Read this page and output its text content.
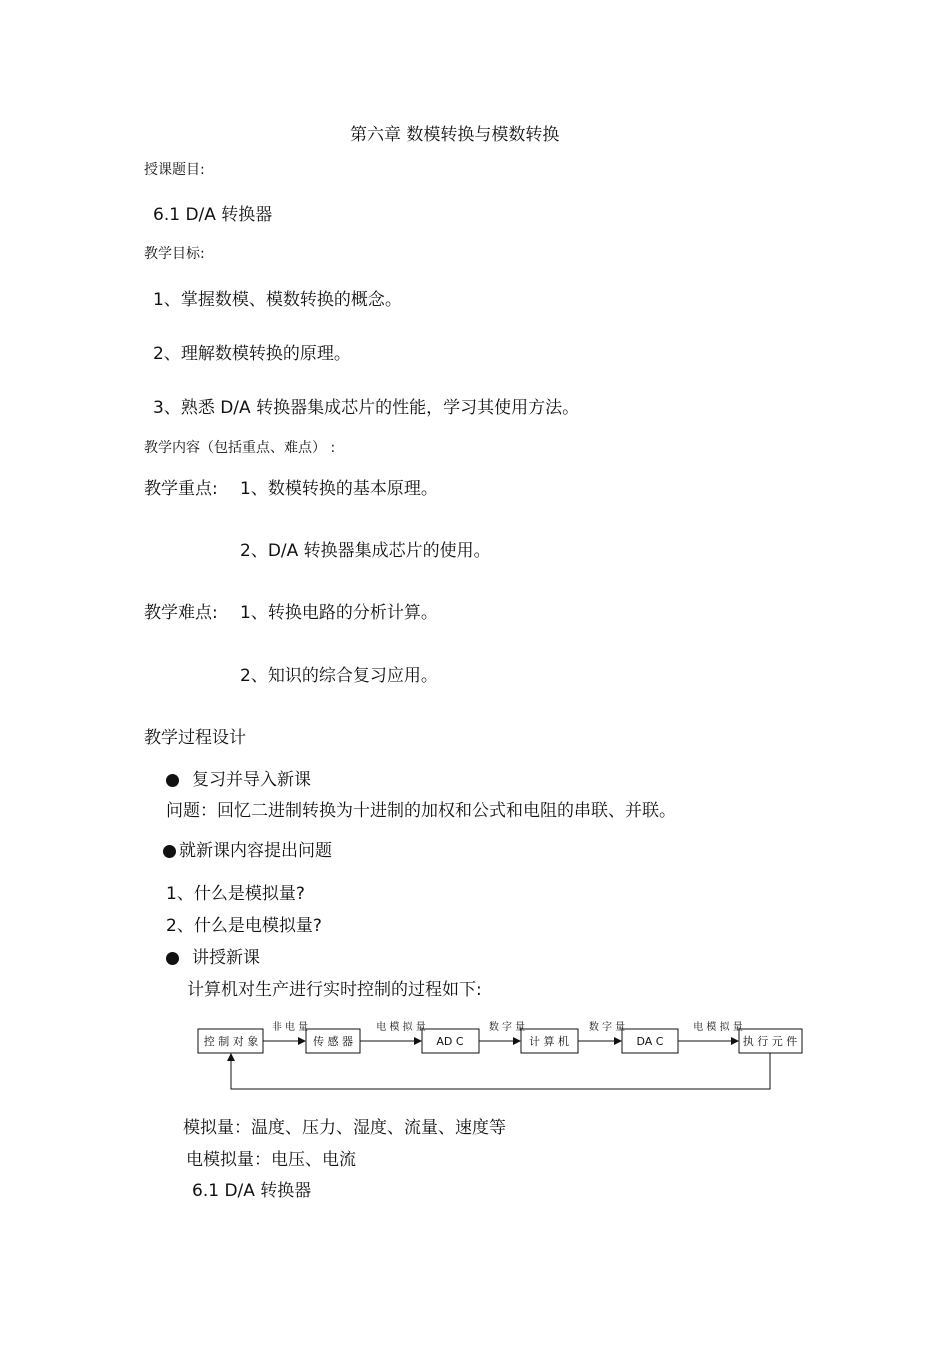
第六章 数模转换与模数转换
授课题目:
6.1 D/A 转换器
教学目标:
1、掌握数模、模数转换的概念。
2、理解数模转换的原理。
3、熟悉 D/A 转换器集成芯片的性能，学习其使用方法。
教学内容（包括重点、难点） :
教学重点: 1、数模转换的基本原理。
2、D/A 转换器集成芯片的使用。
教学难点: 1、转换电路的分析计算。
2、知识的综合复习应用。
教学过程设计
复习并导入新课
问题：回忆二进制转换为十进制的加权和公式和电阻的串联、并联。
就新课内容提出问题
1、什么是模拟量?
2、什么是电模拟量?
讲授新课
计算机对生产进行实时控制的过程如下:
控 制 对 象	传 感 器	AD C	计 算 机	DA C	执 行 元 件
非 电 量	电 模 拟 量	数 字 量	数 字 量	电 模 拟 量
模拟量：温度、压力、湿度、流量、速度等
电模拟量：电压、电流
6.1 D/A 转换器
